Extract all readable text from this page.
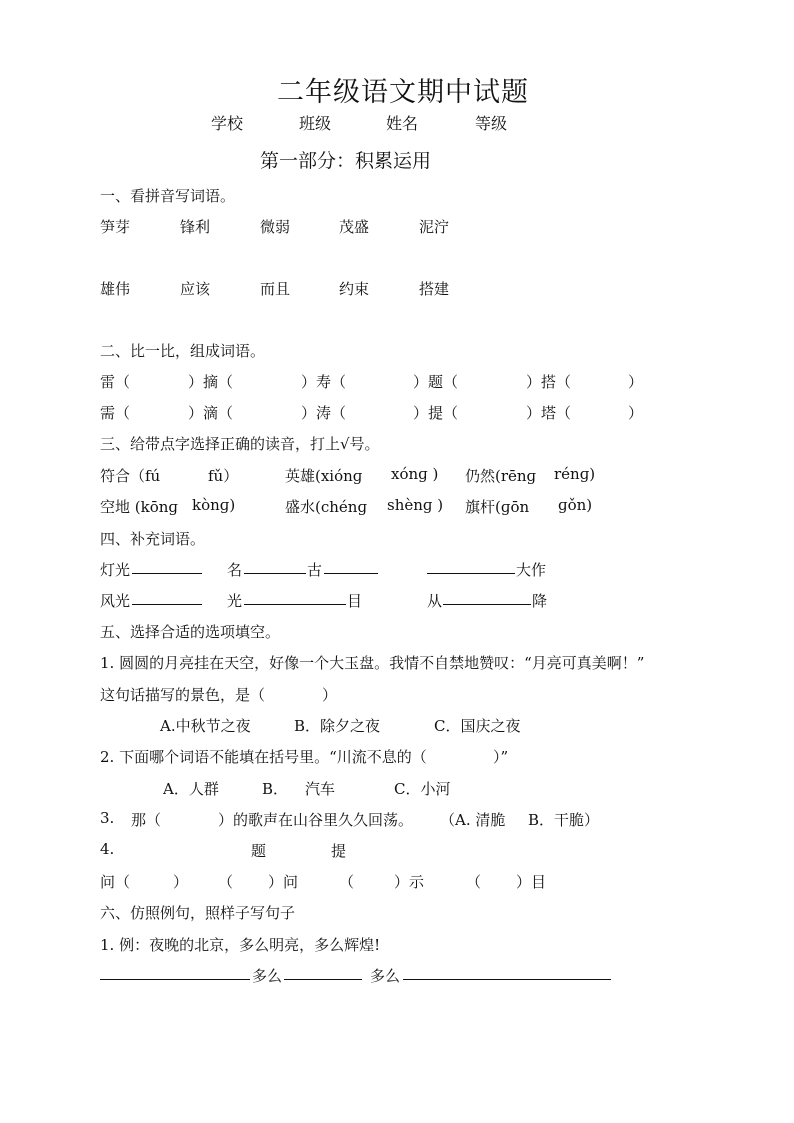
二年级语文期中试题
学校	班级	姓名	等级
第一部分：积累运用
一、看拼音写词语。
笋芽	锋利	微弱	茂盛	泥泞
雄伟	应该	而且	约束	搭建
二、比一比，组成词语。
雷（	）摘（	）寿（	）题（	）搭（	）
需（	）滴（	）涛（	）提（	）塔（	）
三、给带点字选择正确的读音，打上√号。
符合（fú	fǔ）	英雄(xiónɡ xónɡ ) 仍然(rēnɡ rénɡ)
空地 (kōnɡ kònɡ)	盛水(chénɡ shènɡ ) 旗杆(ɡōn ɡǒn)
四、补充词语。
灯光	名	古	大作
风光	光	目	从	降
五、选择合适的选项填空。
1. 圆圆的月亮挂在天空，好像一个大玉盘。我情不自禁地赞叹：“月亮可真美啊！”
这句话描写的景色，是（	）
A.中秋节之夜	B．除夕之夜	C．国庆之夜
2. 下面哪个词语不能填在括号里。“川流不息的（	）”
A．人群	B． 汽车	C．小河
3. 那（	）的歌声在山谷里久久回荡。 （A. 清脆 B．干脆）
4.	题	提
问（	） （ ）问	（	）示	（ ）目
六、仿照例句，照样子写句子
1. 例：夜晚的北京，多么明亮，多么辉煌!
多么	多么
